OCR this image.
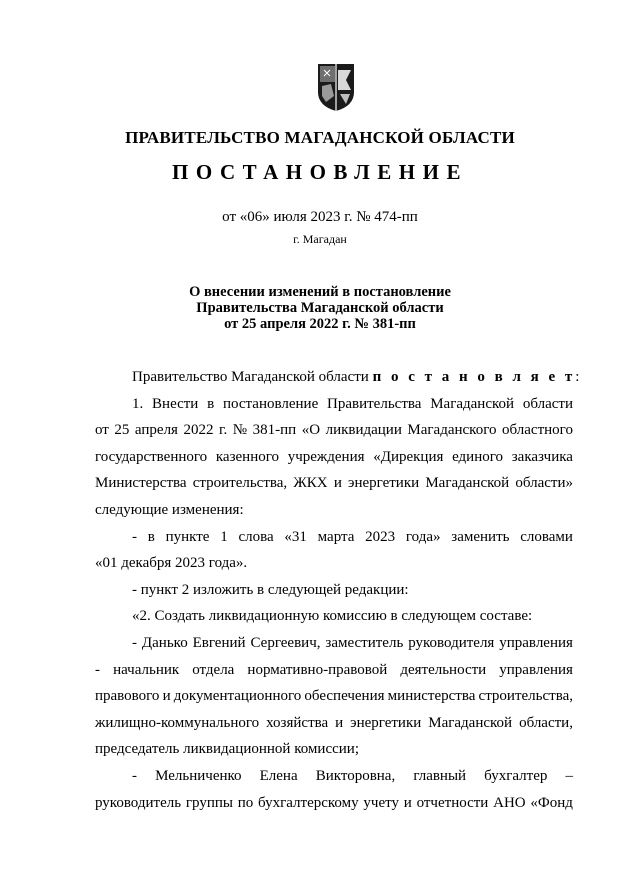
ПРАВИТЕЛЬСТВО МАГАДАНСКОЙ ОБЛАСТИ
ПОСТАНОВЛЕНИЕ
от «06» июля 2023 г. № 474-пп
г. Магадан
О внесении изменений в постановление
Правительства Магаданской области
от 25 апреля 2022 г. № 381-пп
Правительство Магаданской области п о с т а н о в л я е т:
1. Внести в постановление Правительства Магаданской области
от 25 апреля 2022 г. № 381-пп «О ликвидации Магаданского областного
государственного казенного учреждения «Дирекция единого заказчика
Министерства строительства, ЖКХ и энергетики Магаданской области»
следующие изменения:
- в пункте 1 слова «31 марта 2023 года» заменить словами
«01 декабря 2023 года».
- пункт 2 изложить в следующей редакции:
«2. Создать ликвидационную комиссию в следующем составе:
- Данько Евгений Сергеевич, заместитель руководителя управления
- начальник отдела нормативно-правовой деятельности управления
правового и документационного обеспечения министерства строительства,
жилищно-коммунального хозяйства и энергетики Магаданской области,
председатель ликвидационной комиссии;
- Мельниченко Елена Викторовна, главный бухгалтер –
руководитель группы по бухгалтерскому учету и отчетности АНО «Фонд
